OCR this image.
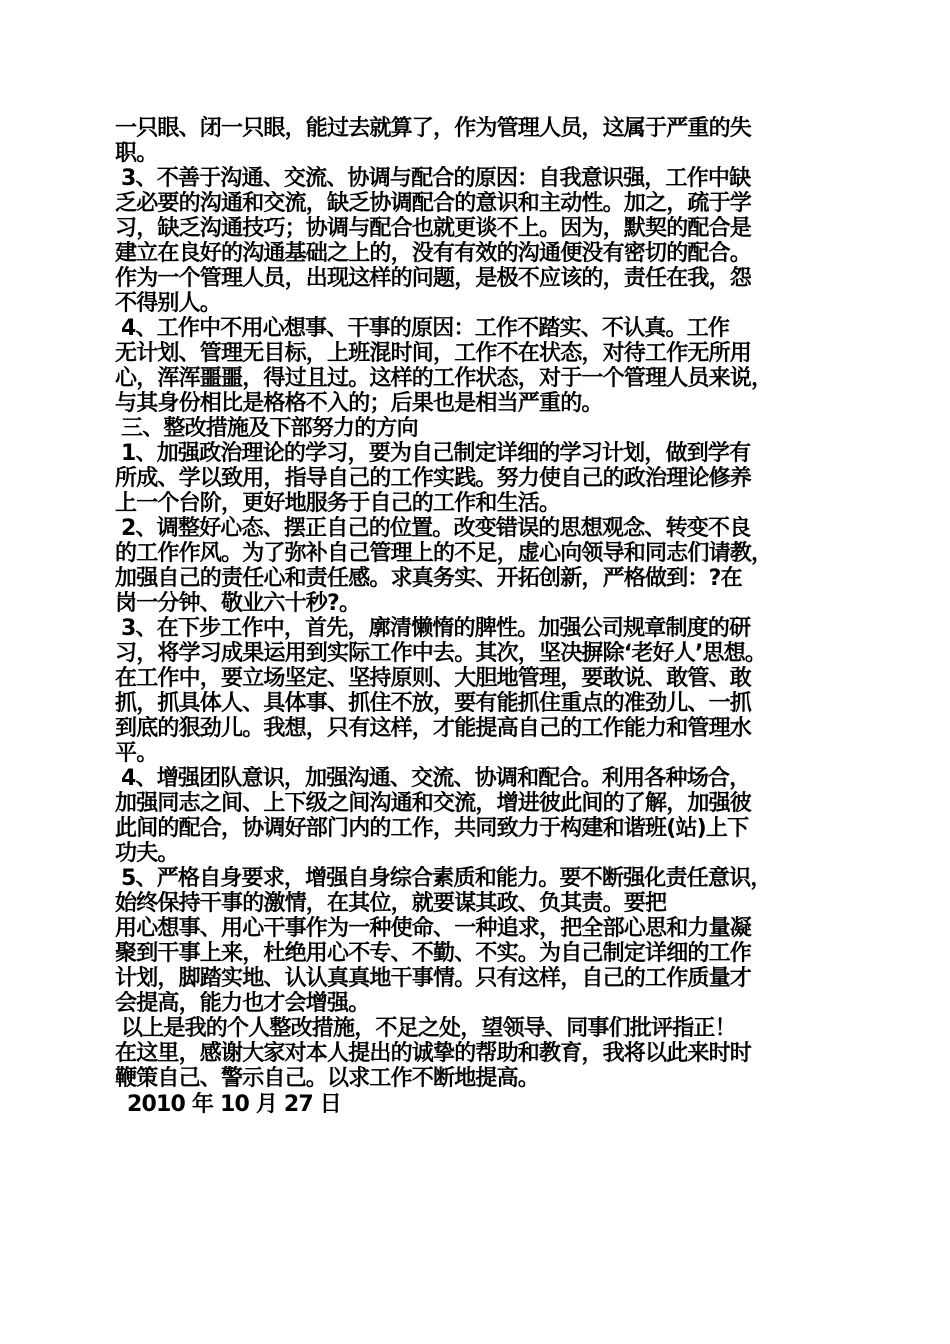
一只眼、闭一只眼，能过去就算了，作为管理人员，这属于严重的失
职。
3、不善于沟通、交流、协调与配合的原因：自我意识强，工作中缺
乏必要的沟通和交流，缺乏协调配合的意识和主动性。加之，疏于学
习，缺乏沟通技巧；协调与配合也就更谈不上。因为，默契的配合是
建立在良好的沟通基础之上的，没有有效的沟通便没有密切的配合。
作为一个管理人员，出现这样的问题，是极不应该的，责任在我，怨
不得别人。
4、工作中不用心想事、干事的原因：工作不踏实、不认真。工作
无计划、管理无目标，上班混时间，工作不在状态，对待工作无所用
心，浑浑噩噩，得过且过。这样的工作状态，对于一个管理人员来说，
与其身份相比是格格不入的；后果也是相当严重的。
三、整改措施及下部努力的方向
1、加强政治理论的学习，要为自己制定详细的学习计划，做到学有
所成、学以致用，指导自己的工作实践。努力使自己的政治理论修养
上一个台阶，更好地服务于自己的工作和生活。
2、调整好心态、摆正自己的位置。改变错误的思想观念、转变不良
的工作作风。为了弥补自己管理上的不足，虚心向领导和同志们请教，
加强自己的责任心和责任感。求真务实、开拓创新，严格做到：?在
岗一分钟、敬业六十秒?。
3、在下步工作中，首先，廓清懒惰的脾性。加强公司规章制度的研
习，将学习成果运用到实际工作中去。其次，坚决摒除‘老好人’思想。
在工作中，要立场坚定、坚持原则、大胆地管理，要敢说、敢管、敢
抓，抓具体人、具体事、抓住不放，要有能抓住重点的准劲儿、一抓
到底的狠劲儿。我想，只有这样，才能提高自己的工作能力和管理水
平。
4、增强团队意识，加强沟通、交流、协调和配合。利用各种场合，
加强同志之间、上下级之间沟通和交流，增进彼此间的了解，加强彼
此间的配合，协调好部门内的工作，共同致力于构建和谐班(站)上下
功夫。
5、严格自身要求，增强自身综合素质和能力。要不断强化责任意识，
始终保持干事的激情，在其位，就要谋其政、负其责。要把
用心想事、用心干事作为一种使命、一种追求，把全部心思和力量凝
聚到干事上来，杜绝用心不专、不勤、不实。为自己制定详细的工作
计划，脚踏实地、认认真真地干事情。只有这样，自己的工作质量才
会提高，能力也才会增强。
以上是我的个人整改措施，不足之处，望领导、同事们批评指正！
在这里，感谢大家对本人提出的诚挚的帮助和教育，我将以此来时时
鞭策自己、警示自己。以求工作不断地提高。
2010 年 10 月 27 日
